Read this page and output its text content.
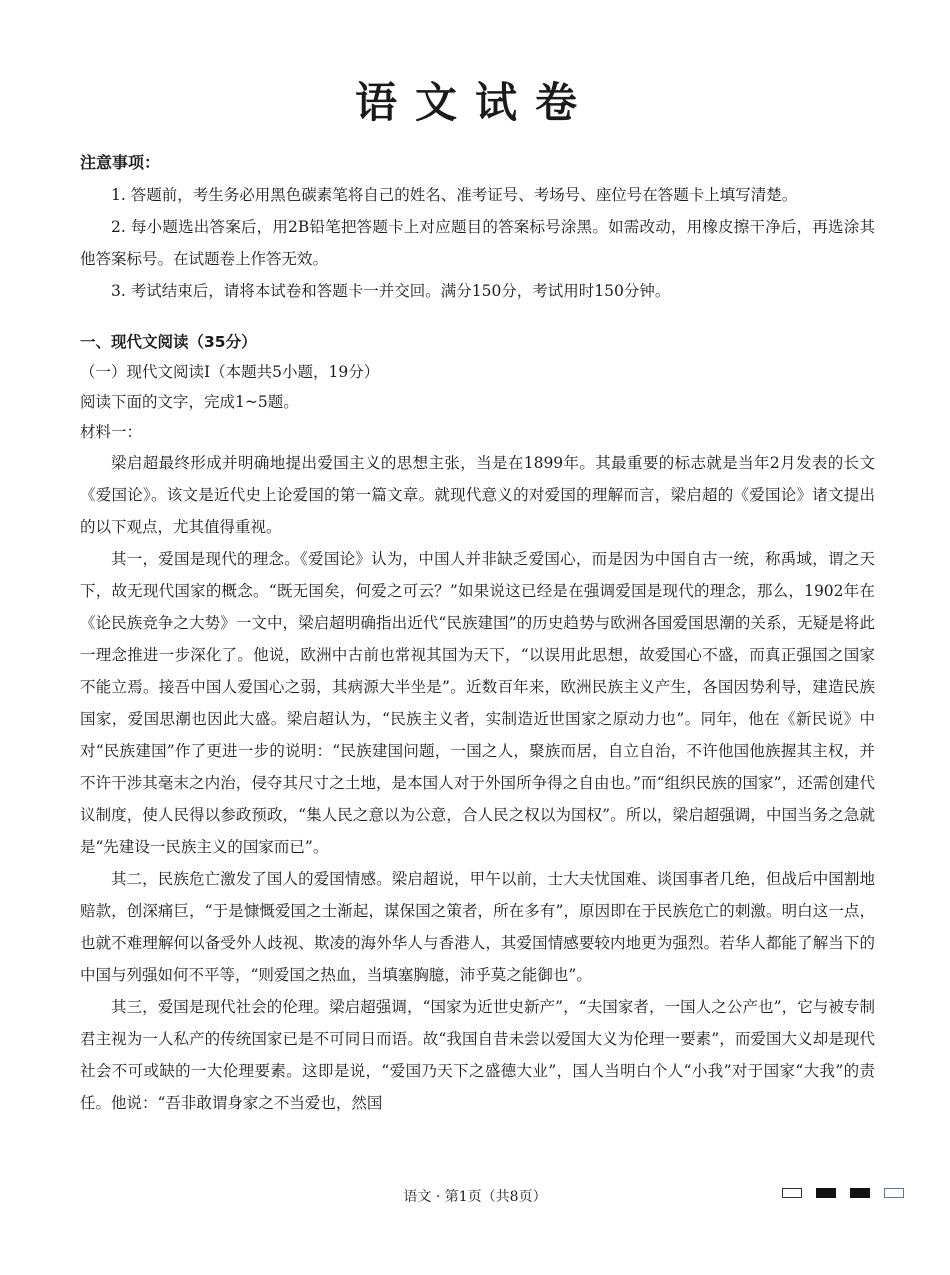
语文试卷
注意事项：

1. 答题前，考生务必用黑色碳素笔将自己的姓名、准考证号、考场号、座位号在答题卡上填写清楚。

2. 每小题选出答案后，用2B铅笔把答题卡上对应题目的答案标号涂黑。如需改动，用橡皮擦干净后，再选涂其他答案标号。在试题卷上作答无效。

3. 考试结束后，请将本试卷和答题卡一并交回。满分150分，考试用时150分钟。

一、现代文阅读（35分）

（一）现代文阅读Ⅰ（本题共5小题，19分）

阅读下面的文字，完成1~5题。

材料一：

梁启超最终形成并明确地提出爱国主义的思想主张，当是在1899年。其最重要的标志就是当年2月发表的长文《爱国论》。该文是近代史上论爱国的第一篇文章。就现代意义的对爱国的理解而言，梁启超的《爱国论》诸文提出的以下观点，尤其值得重视。

其一，爱国是现代的理念。《爱国论》认为，中国人并非缺乏爱国心，而是因为中国自古一统，称禹域，谓之天下，故无现代国家的概念。“既无国矣，何爱之可云？”如果说这已经是在强调爱国是现代的理念，那么，1902年在《论民族竞争之大势》一文中，梁启超明确指出近代“民族建国”的历史趋势与欧洲各国爱国思潮的关系，无疑是将此一理念推进一步深化了。他说，欧洲中古前也常视其国为天下，“以误用此思想，故爱国心不盛，而真正强国之国家不能立焉。接吾中国人爱国心之弱，其病源大半坐是”。近数百年来，欧洲民族主义产生，各国因势利导，建造民族国家，爱国思潮也因此大盛。梁启超认为，“民族主义者，实制造近世国家之原动力也”。同年，他在《新民说》中对“民族建国”作了更进一步的说明：“民族建国问题，一国之人，聚族而居，自立自治，不许他国他族握其主权，并不许干涉其毫末之内治，侵夺其尺寸之土地，是本国人对于外国所争得之自由也。”而“组织民族的国家”，还需创建代议制度，使人民得以参政预政，“集人民之意以为公意，合人民之权以为国权”。所以，梁启超强调，中国当务之急就是“先建设一民族主义的国家而已”。

其二，民族危亡激发了国人的爱国情感。梁启超说，甲午以前，士大夫忧国难、谈国事者几绝，但战后中国割地赔款，创深痛巨，“于是慷慨爱国之士渐起，谋保国之策者，所在多有”，原因即在于民族危亡的刺激。明白这一点，也就不难理解何以备受外人歧视、欺凌的海外华人与香港人，其爱国情感要较内地更为强烈。若华人都能了解当下的中国与列强如何不平等，“则爱国之热血，当填塞胸臆，沛乎莫之能御也”。

其三，爱国是现代社会的伦理。梁启超强调，“国家为近世史新产”，“夫国家者，一国人之公产也”，它与被专制君主视为一人私产的传统国家已是不可同日而语。故“我国自昔未尝以爱国大义为伦理一要素”，而爱国大义却是现代社会不可或缺的一大伦理要素。这即是说，“爱国乃天下之盛德大业”，国人当明白个人“小我”对于国家“大我”的责任。他说：“吾非敢谓身家之不当爱也，然国

语文 · 第1页（共8页）
